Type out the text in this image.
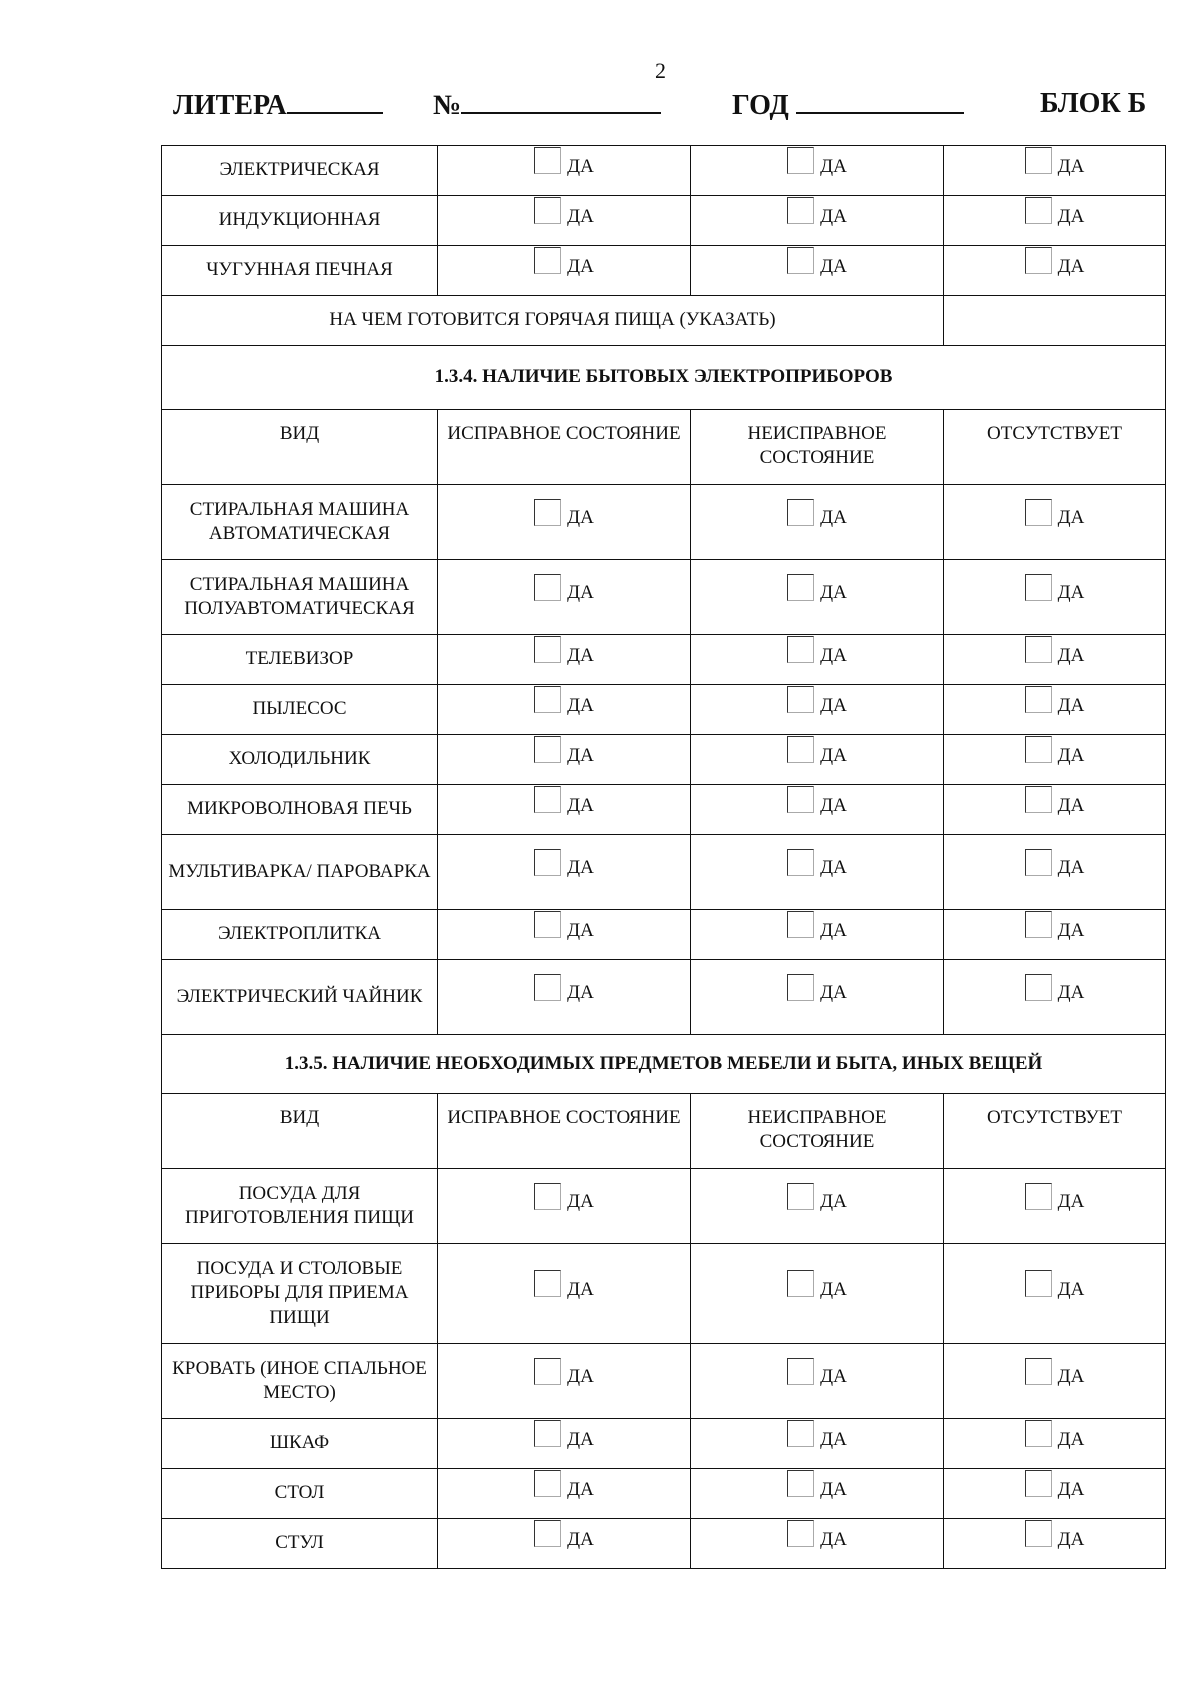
2
ЛИТЕРА	№	ГОД	БЛОК Б
ЭЛЕКТРИЧЕСКАЯ	ДА	ДА	ДА

ИНДУКЦИОННАЯ	ДА	ДА	ДА

ЧУГУННАЯ ПЕЧНАЯ	ДА	ДА	ДА

НА ЧЕМ ГОТОВИТСЯ ГОРЯЧАЯ ПИЩА (УКАЗАТЬ)			
1.3.4. НАЛИЧИЕ БЫТОВЫХ ЭЛЕКТРОПРИБОРОВ			
ВИД	ИСПРАВНОЕ СОСТОЯНИЕ	НЕИСПРАВНОЕ СОСТОЯНИЕ	ОТСУТСТВУЕТ
СТИРАЛЬНАЯ МАШИНА АВТОМАТИЧЕСКАЯ	ДА	ДА	ДА

СТИРАЛЬНАЯ МАШИНА ПОЛУАВТОМАТИЧЕСКАЯ	ДА	ДА	ДА

ТЕЛЕВИЗОР	ДА	ДА	ДА

ПЫЛЕСОС	ДА	ДА	ДА

ХОЛОДИЛЬНИК	ДА	ДА	ДА

МИКРОВОЛНОВАЯ ПЕЧЬ	ДА	ДА	ДА

МУЛЬТИВАРКА/ ПАРОВАРКА	ДА	ДА	ДА

ЭЛЕКТРОПЛИТКА	ДА	ДА	ДА

ЭЛЕКТРИЧЕСКИЙ ЧАЙНИК	ДА	ДА	ДА

1.3.5. НАЛИЧИЕ НЕОБХОДИМЫХ ПРЕДМЕТОВ МЕБЕЛИ И БЫТА, ИНЫХ ВЕЩЕЙ			
ВИД	ИСПРАВНОЕ СОСТОЯНИЕ	НЕИСПРАВНОЕ СОСТОЯНИЕ	ОТСУТСТВУЕТ
ПОСУДА ДЛЯ ПРИГОТОВЛЕНИЯ ПИЩИ	ДА	ДА	ДА

ПОСУДА И СТОЛОВЫЕ ПРИБОРЫ ДЛЯ ПРИЕМА ПИЩИ	ДА	ДА	ДА

КРОВАТЬ (ИНОЕ СПАЛЬНОЕ МЕСТО)	ДА	ДА	ДА

ШКАФ	ДА	ДА	ДА

СТОЛ	ДА	ДА	ДА

СТУЛ	ДА	ДА	ДА
